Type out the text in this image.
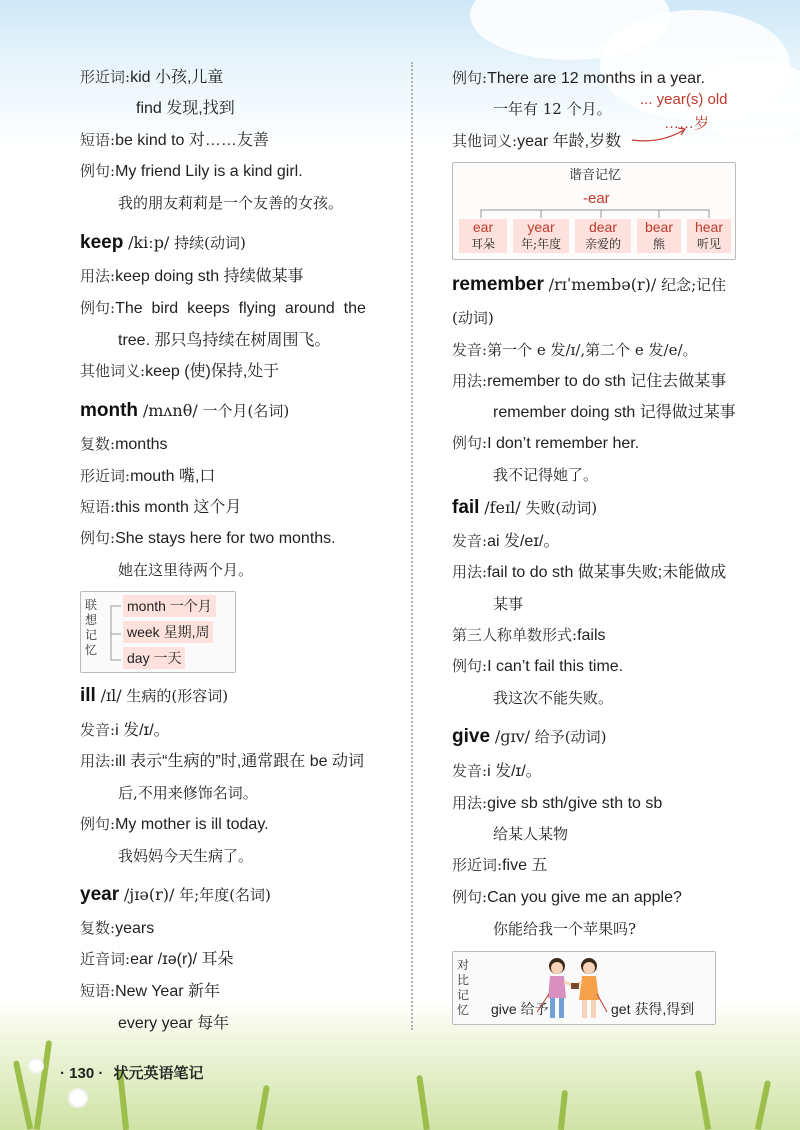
形近词:kid 小孩,儿童
find 发现,找到
短语:be kind to 对……友善
例句:My friend Lily is a kind girl.
我的朋友莉莉是一个友善的女孩。
keep /kiːp/ 持续(动词)
用法:keep doing sth 持续做某事
例句:The  bird  keeps  flying  around  the
tree. 那只鸟持续在树周围飞。
其他词义:keep (使)保持,处于
month /mʌnθ/ 一个月(名词)
复数:months
形近词:mouth 嘴,口
短语:this month 这个月
例句:She stays here for two months.
她在这里待两个月。
联
想
记
忆
month 一个月
week 星期,周
day 一天
ill /ɪl/ 生病的(形容词)
发音:i 发/ɪ/。
用法:ill 表示“生病的”时,通常跟在 be 动词
后,不用来修饰名词。
例句:My mother is ill today.
我妈妈今天生病了。
year /jɪə(r)/ 年;年度(名词)
复数:years
近音词:ear /ɪə(r)/ 耳朵
短语:New Year 新年
every year 每年
例句:There are 12 months in a year.
一年有 12 个月。
... year(s) old
其他词义:year 年龄,岁数
……岁
谐音记忆
-ear
ear
耳朵
year
年;年度
dear
亲爱的
bear
熊
hear
听见
remember /rɪˈmembə(r)/ 纪念;记住
(动词)
发音:第一个 e 发/ɪ/,第二个 e 发/e/。
用法:remember to do sth 记住去做某事
remember doing sth 记得做过某事
例句:I don’t remember her.
我不记得她了。
fail /feɪl/ 失败(动词)
发音:ai 发/eɪ/。
用法:fail to do sth 做某事失败;未能做成
某事
第三人称单数形式:fails
例句:I can’t fail this time.
我这次不能失败。
give /ɡɪv/ 给予(动词)
发音:i 发/ɪ/。
用法:give sb sth/give sth to sb
给某人某物
形近词:five 五
例句:Can you give me an apple?
你能给我一个苹果吗?
对
比
记
忆 give 给予	get 获得,得到
· 130 · 状元英语笔记
